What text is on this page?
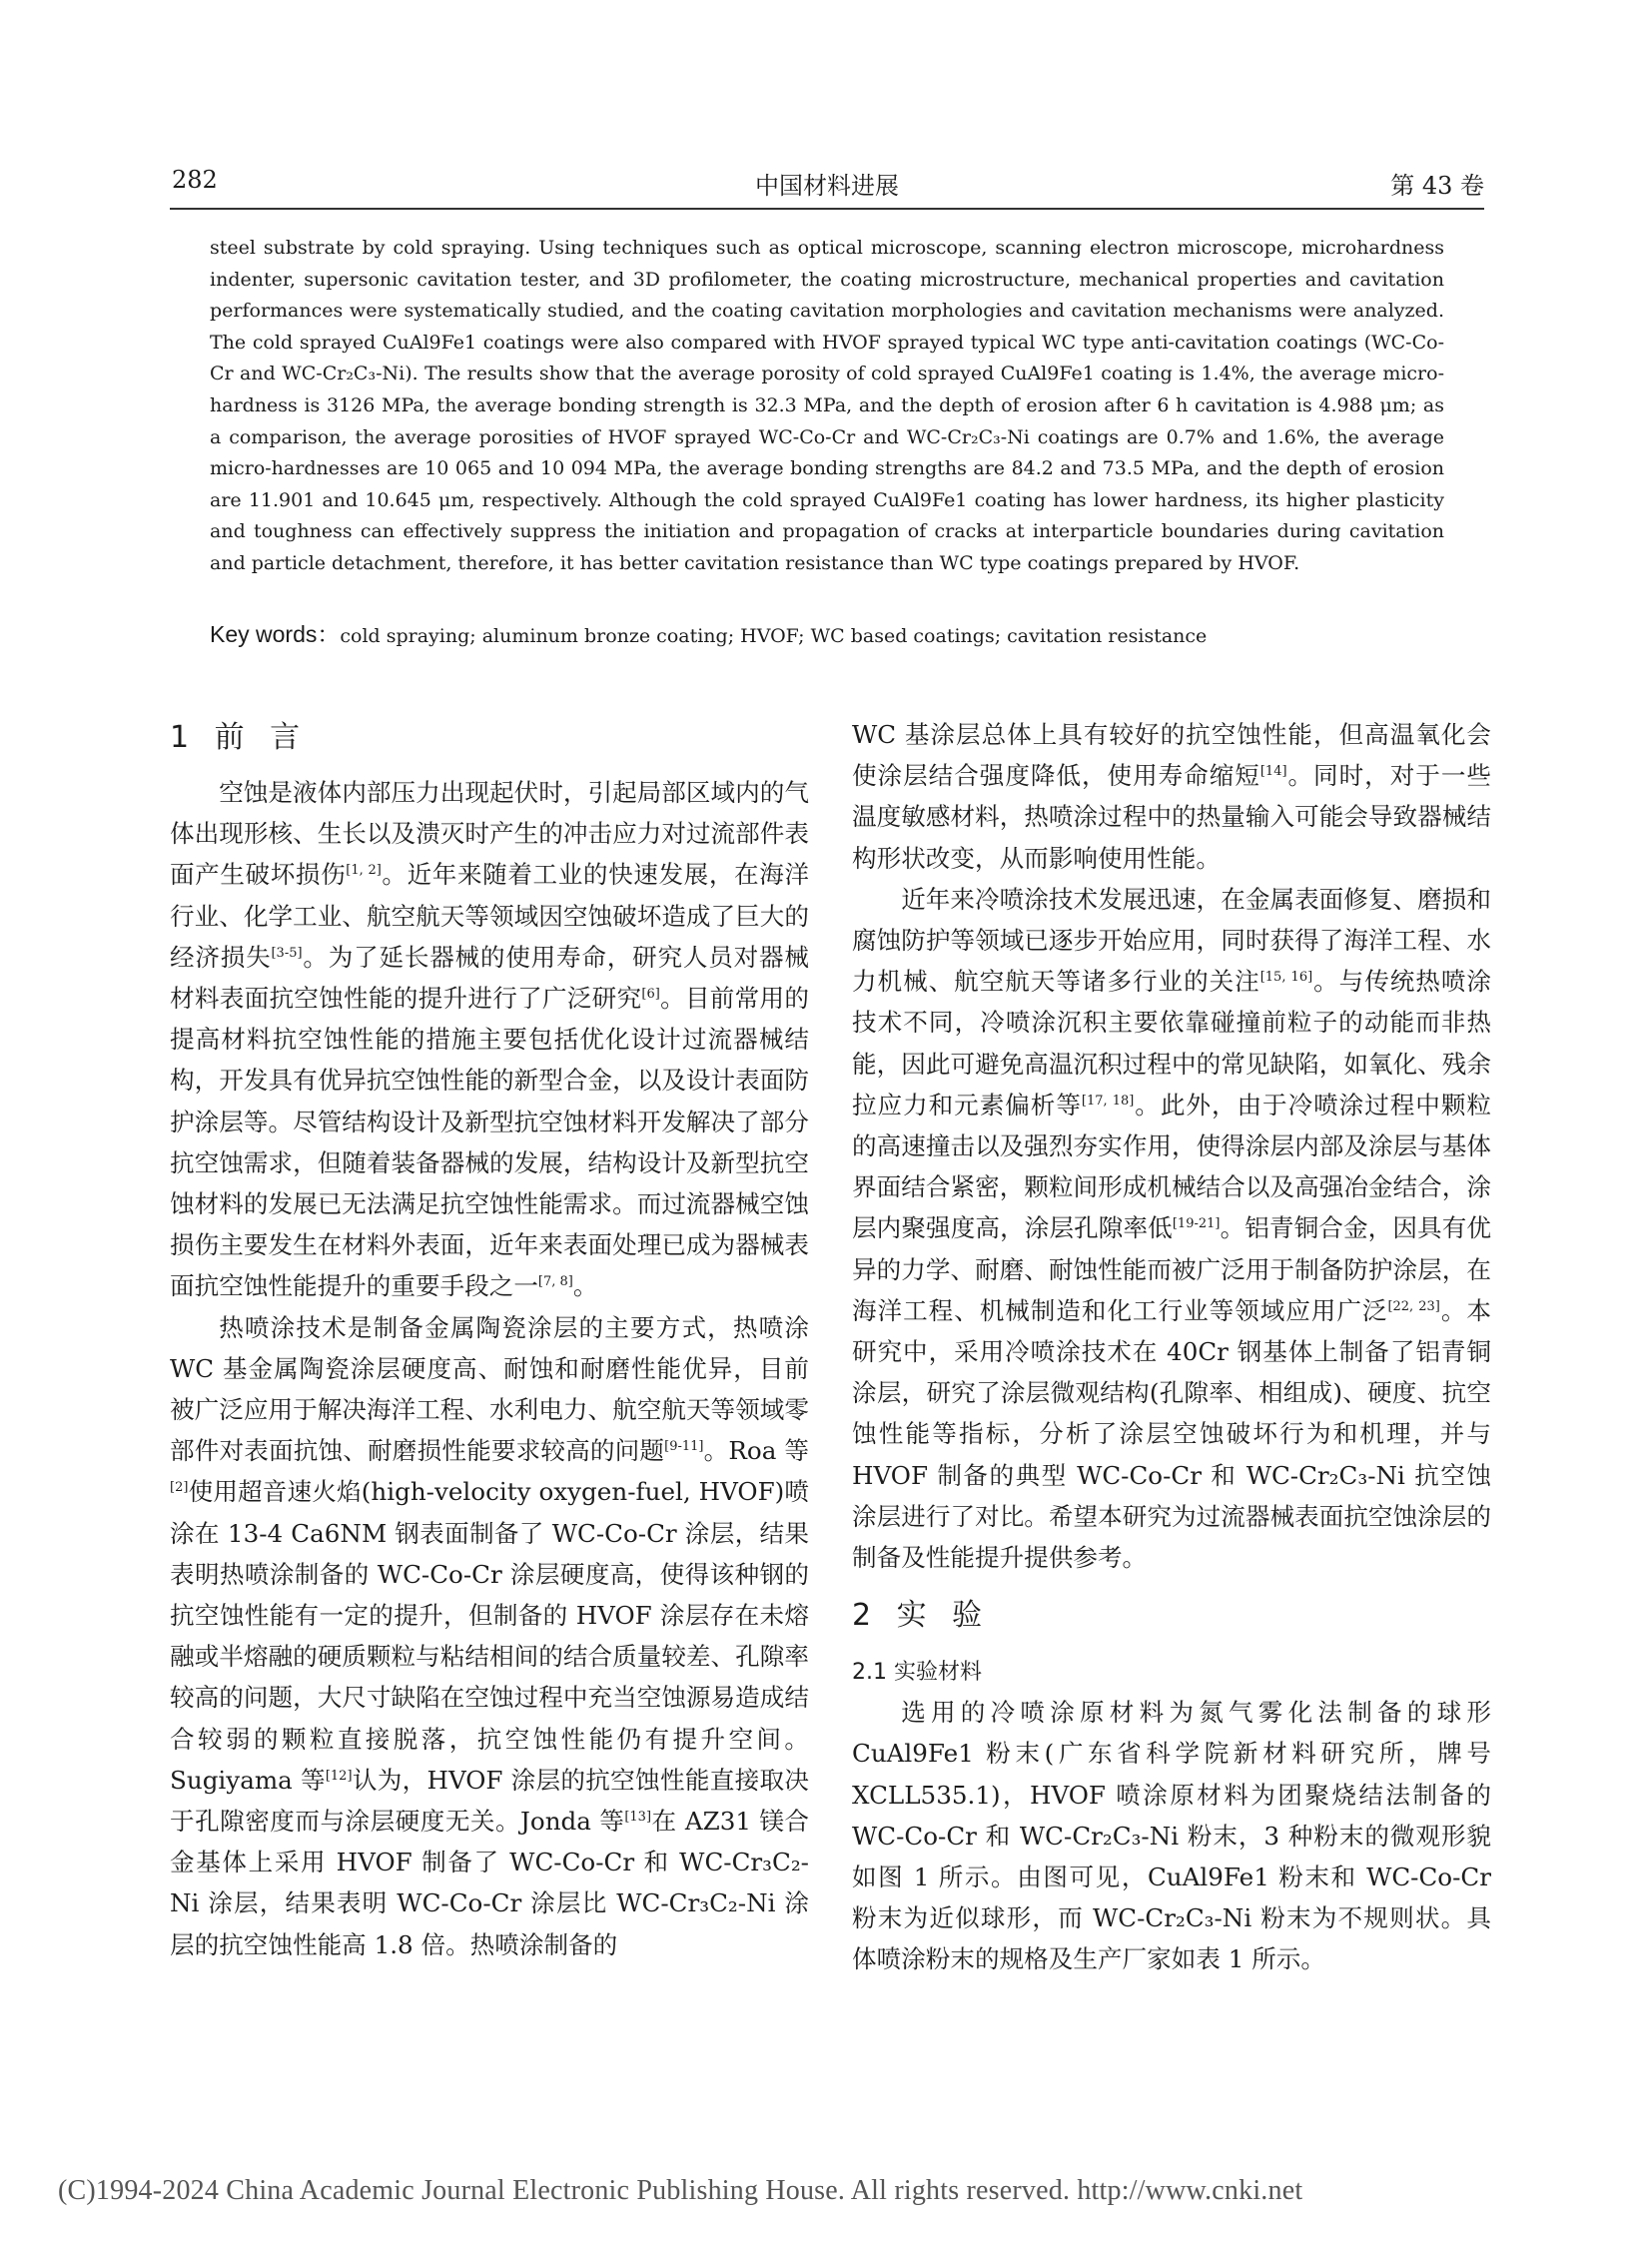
282	中国材料进展	第 43 卷
steel substrate by cold spraying. Using techniques such as optical microscope, scanning electron microscope, microhardness indenter, supersonic cavitation tester, and 3D profilometer, the coating microstructure, mechanical properties and cavitation performances were systematically studied, and the coating cavitation morphologies and cavitation mechanisms were analyzed. The cold sprayed CuAl9Fe1 coatings were also compared with HVOF sprayed typical WC type anti-cavitation coatings (WC-Co-Cr and WC-Cr₂C₃-Ni). The results show that the average porosity of cold sprayed CuAl9Fe1 coating is 1.4%, the average micro-hardness is 3126 MPa, the average bonding strength is 32.3 MPa, and the depth of erosion after 6 h cavitation is 4.988 μm; as a comparison, the average porosities of HVOF sprayed WC-Co-Cr and WC-Cr₂C₃-Ni coatings are 0.7% and 1.6%, the average micro-hardnesses are 10 065 and 10 094 MPa, the average bonding strengths are 84.2 and 73.5 MPa, and the depth of erosion are 11.901 and 10.645 μm, respectively. Although the cold sprayed CuAl9Fe1 coating has lower hardness, its higher plasticity and toughness can effectively suppress the initiation and propagation of cracks at interparticle boundaries during cavitation and particle detachment, therefore, it has better cavitation resistance than WC type coatings prepared by HVOF.
Key words：cold spraying; aluminum bronze coating; HVOF; WC based coatings; cavitation resistance
1 前 言

空蚀是液体内部压力出现起伏时，引起局部区域内的气体出现形核、生长以及溃灭时产生的冲击应力对过流部件表面产生破坏损伤[1, 2]。近年来随着工业的快速发展，在海洋行业、化学工业、航空航天等领域因空蚀破坏造成了巨大的经济损失[3-5]。为了延长器械的使用寿命，研究人员对器械材料表面抗空蚀性能的提升进行了广泛研究[6]。目前常用的提高材料抗空蚀性能的措施主要包括优化设计过流器械结构，开发具有优异抗空蚀性能的新型合金，以及设计表面防护涂层等。尽管结构设计及新型抗空蚀材料开发解决了部分抗空蚀需求，但随着装备器械的发展，结构设计及新型抗空蚀材料的发展已无法满足抗空蚀性能需求。而过流器械空蚀损伤主要发生在材料外表面，近年来表面处理已成为器械表面抗空蚀性能提升的重要手段之一[7, 8]。

热喷涂技术是制备金属陶瓷涂层的主要方式，热喷涂 WC 基金属陶瓷涂层硬度高、耐蚀和耐磨性能优异，目前被广泛应用于解决海洋工程、水利电力、航空航天等领域零部件对表面抗蚀、耐磨损性能要求较高的问题[9-11]。Roa 等[2]使用超音速火焰(high-velocity oxygen-fuel, HVOF)喷涂在 13-4 Ca6NM 钢表面制备了 WC-Co-Cr 涂层，结果表明热喷涂制备的 WC-Co-Cr 涂层硬度高，使得该种钢的抗空蚀性能有一定的提升，但制备的 HVOF 涂层存在未熔融或半熔融的硬质颗粒与粘结相间的结合质量较差、孔隙率较高的问题，大尺寸缺陷在空蚀过程中充当空蚀源易造成结合较弱的颗粒直接脱落，抗空蚀性能仍有提升空间。Sugiyama 等[12]认为，HVOF 涂层的抗空蚀性能直接取决于孔隙密度而与涂层硬度无关。Jonda 等[13]在 AZ31 镁合金基体上采用 HVOF 制备了 WC-Co-Cr 和 WC-Cr₃C₂-Ni 涂层，结果表明 WC-Co-Cr 涂层比 WC-Cr₃C₂-Ni 涂层的抗空蚀性能高 1.8 倍。热喷涂制备的

WC 基涂层总体上具有较好的抗空蚀性能，但高温氧化会使涂层结合强度降低，使用寿命缩短[14]。同时，对于一些温度敏感材料，热喷涂过程中的热量输入可能会导致器械结构形状改变，从而影响使用性能。

近年来冷喷涂技术发展迅速，在金属表面修复、磨损和腐蚀防护等领域已逐步开始应用，同时获得了海洋工程、水力机械、航空航天等诸多行业的关注[15, 16]。与传统热喷涂技术不同，冷喷涂沉积主要依靠碰撞前粒子的动能而非热能，因此可避免高温沉积过程中的常见缺陷，如氧化、残余拉应力和元素偏析等[17, 18]。此外，由于冷喷涂过程中颗粒的高速撞击以及强烈夯实作用，使得涂层内部及涂层与基体界面结合紧密，颗粒间形成机械结合以及高强冶金结合，涂层内聚强度高，涂层孔隙率低[19-21]。铝青铜合金，因具有优异的力学、耐磨、耐蚀性能而被广泛用于制备防护涂层，在海洋工程、机械制造和化工行业等领域应用广泛[22, 23]。本研究中，采用冷喷涂技术在 40Cr 钢基体上制备了铝青铜涂层，研究了涂层微观结构(孔隙率、相组成)、硬度、抗空蚀性能等指标，分析了涂层空蚀破坏行为和机理，并与 HVOF 制备的典型 WC-Co-Cr 和 WC-Cr₂C₃-Ni 抗空蚀涂层进行了对比。希望本研究为过流器械表面抗空蚀涂层的制备及性能提升提供参考。

2 实 验
2.1 实验材料

选用的冷喷涂原材料为氮气雾化法制备的球形 CuAl9Fe1 粉末(广东省科学院新材料研究所，牌号 XCLL535.1)，HVOF 喷涂原材料为团聚烧结法制备的 WC-Co-Cr 和 WC-Cr₂C₃-Ni 粉末，3 种粉末的微观形貌如图 1 所示。由图可见，CuAl9Fe1 粉末和 WC-Co-Cr 粉末为近似球形，而 WC-Cr₂C₃-Ni 粉末为不规则状。具体喷涂粉末的规格及生产厂家如表 1 所示。

(C)1994-2024 China Academic Journal Electronic Publishing House. All rights reserved. http://www.cnki.net
